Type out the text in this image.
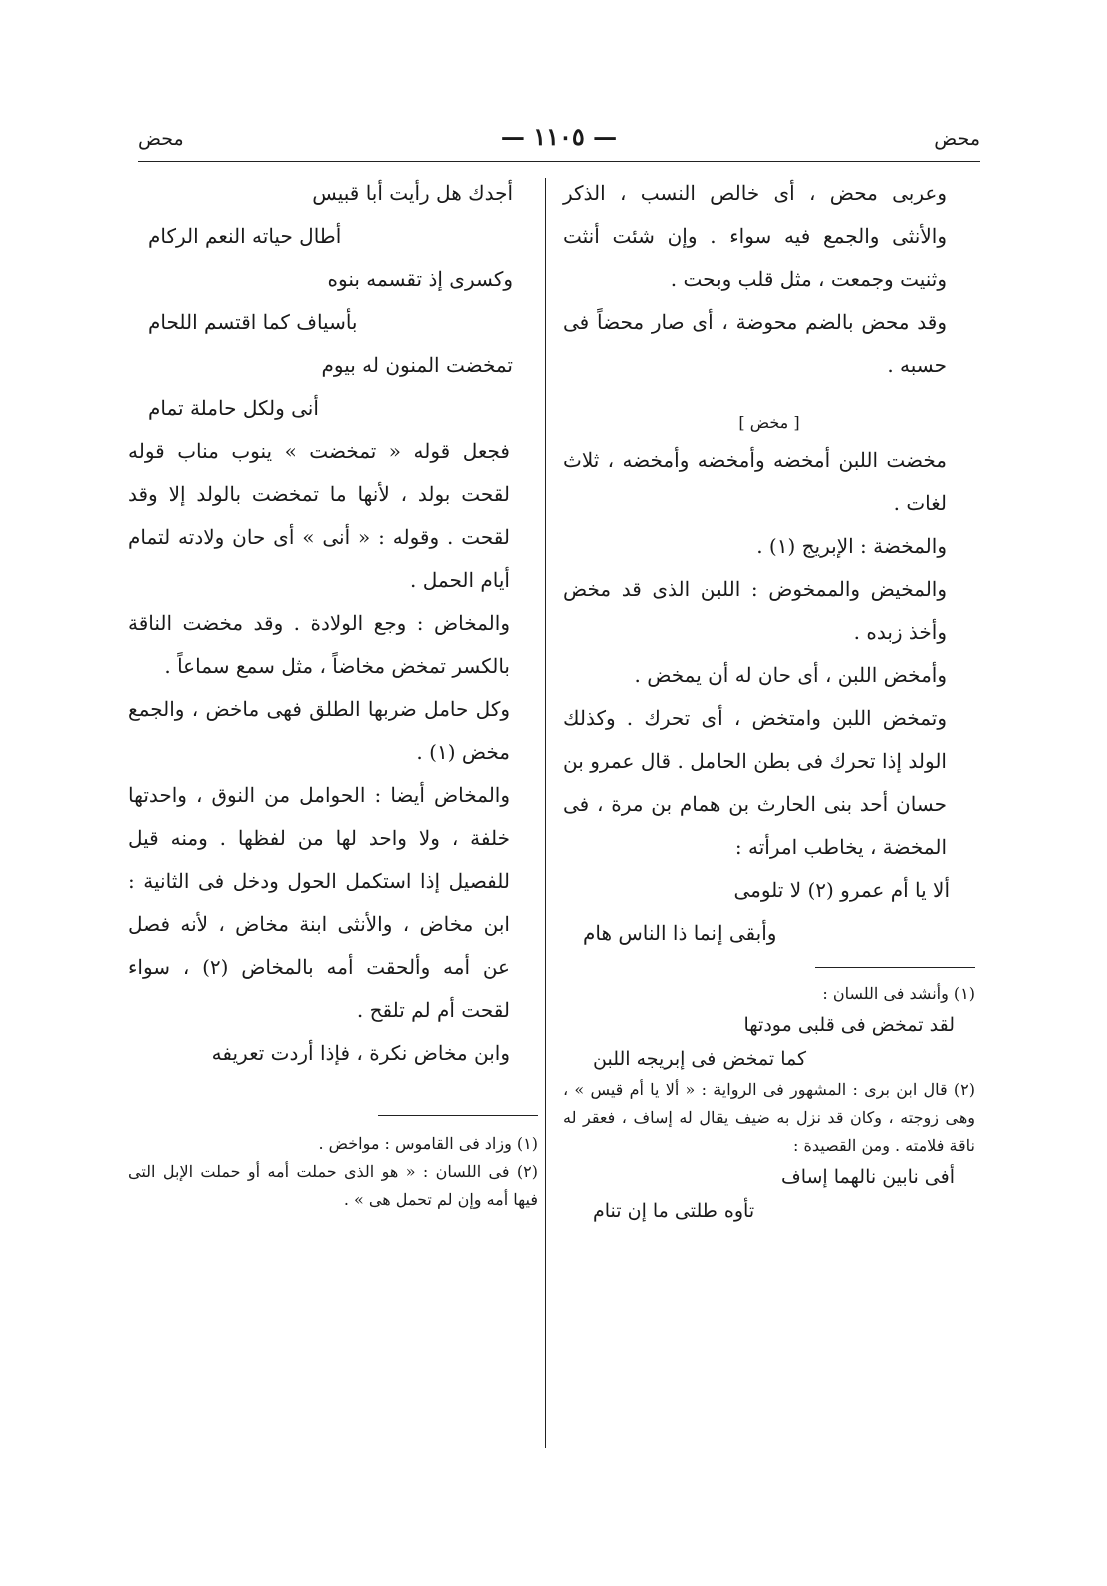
محض
— ١١٠٥ —
محض

وعربى محض ، أى خالص النسب ، الذكر والأنثى والجمع فيه سواء . وإن شئت أنثت وثنيت وجمعت ، مثل قلب وبحت .

وقد محض بالضم محوضة ، أى صار محضاً فى حسبه .

[ مخض ]

مخضت اللبن أمخضه وأمخضه وأمخضه ، ثلاث لغات .

والمخضة : الإبريج (١) .

والمخيض والممخوض : اللبن الذى قد مخض وأخذ زبده .

وأمخض اللبن ، أى حان له أن يمخض .

وتمخض اللبن وامتخض ، أى تحرك . وكذلك الولد إذا تحرك فى بطن الحامل . قال عمرو بن حسان أحد بنى الحارث بن همام بن مرة ، فى المخضة ، يخاطب امرأته :

ألا يا أم عمرو (٢) لا تلومى
وأبقى إنما ذا الناس هام
(١) وأنشد فى اللسان :
لقد تمخض فى قلبى مودتها
كما تمخض فى إبريجه اللبن
(٢) قال ابن برى : المشهور فى الرواية : « ألا يا أم قيس » ، وهى زوجته ، وكان قد نزل به ضيف يقال له إساف ، فعقر له ناقة فلامته . ومن القصيدة :
أفى نابين نالهما إساف
تأوه طلتى ما إن تنام
أجدك هل رأيت أبا قبيس
أطال حياته النعم الركام
وكسرى إذ تقسمه بنوه
بأسياف كما اقتسم اللحام
تمخضت المنون له بيوم
أنى ولكل حاملة تمام

فجعل قوله « تمخضت » ينوب مناب قوله لقحت بولد ، لأنها ما تمخضت بالولد إلا وقد لقحت . وقوله : « أنى » أى حان ولادته لتمام أيام الحمل .

والمخاض : وجع الولادة . وقد مخضت الناقة بالكسر تمخض مخاضاً ، مثل سمع سماعاً .

وكل حامل ضربها الطلق فهى ماخض ، والجمع مخض (١) .

والمخاض أيضا : الحوامل من النوق ، واحدتها خلفة ، ولا واحد لها من لفظها . ومنه قيل للفصيل إذا استكمل الحول ودخل فى الثانية : ابن مخاض ، والأنثى ابنة مخاض ، لأنه فصل عن أمه وألحقت أمه بالمخاض (٢) ، سواء لقحت أم لم تلقح .

وابن مخاض نكرة ، فإذا أردت تعريفه

(١) وزاد فى القاموس : مواخض .
(٢) فى اللسان : « هو الذى حملت أمه أو حملت الإبل التى فيها أمه وإن لم تحمل هى » .
